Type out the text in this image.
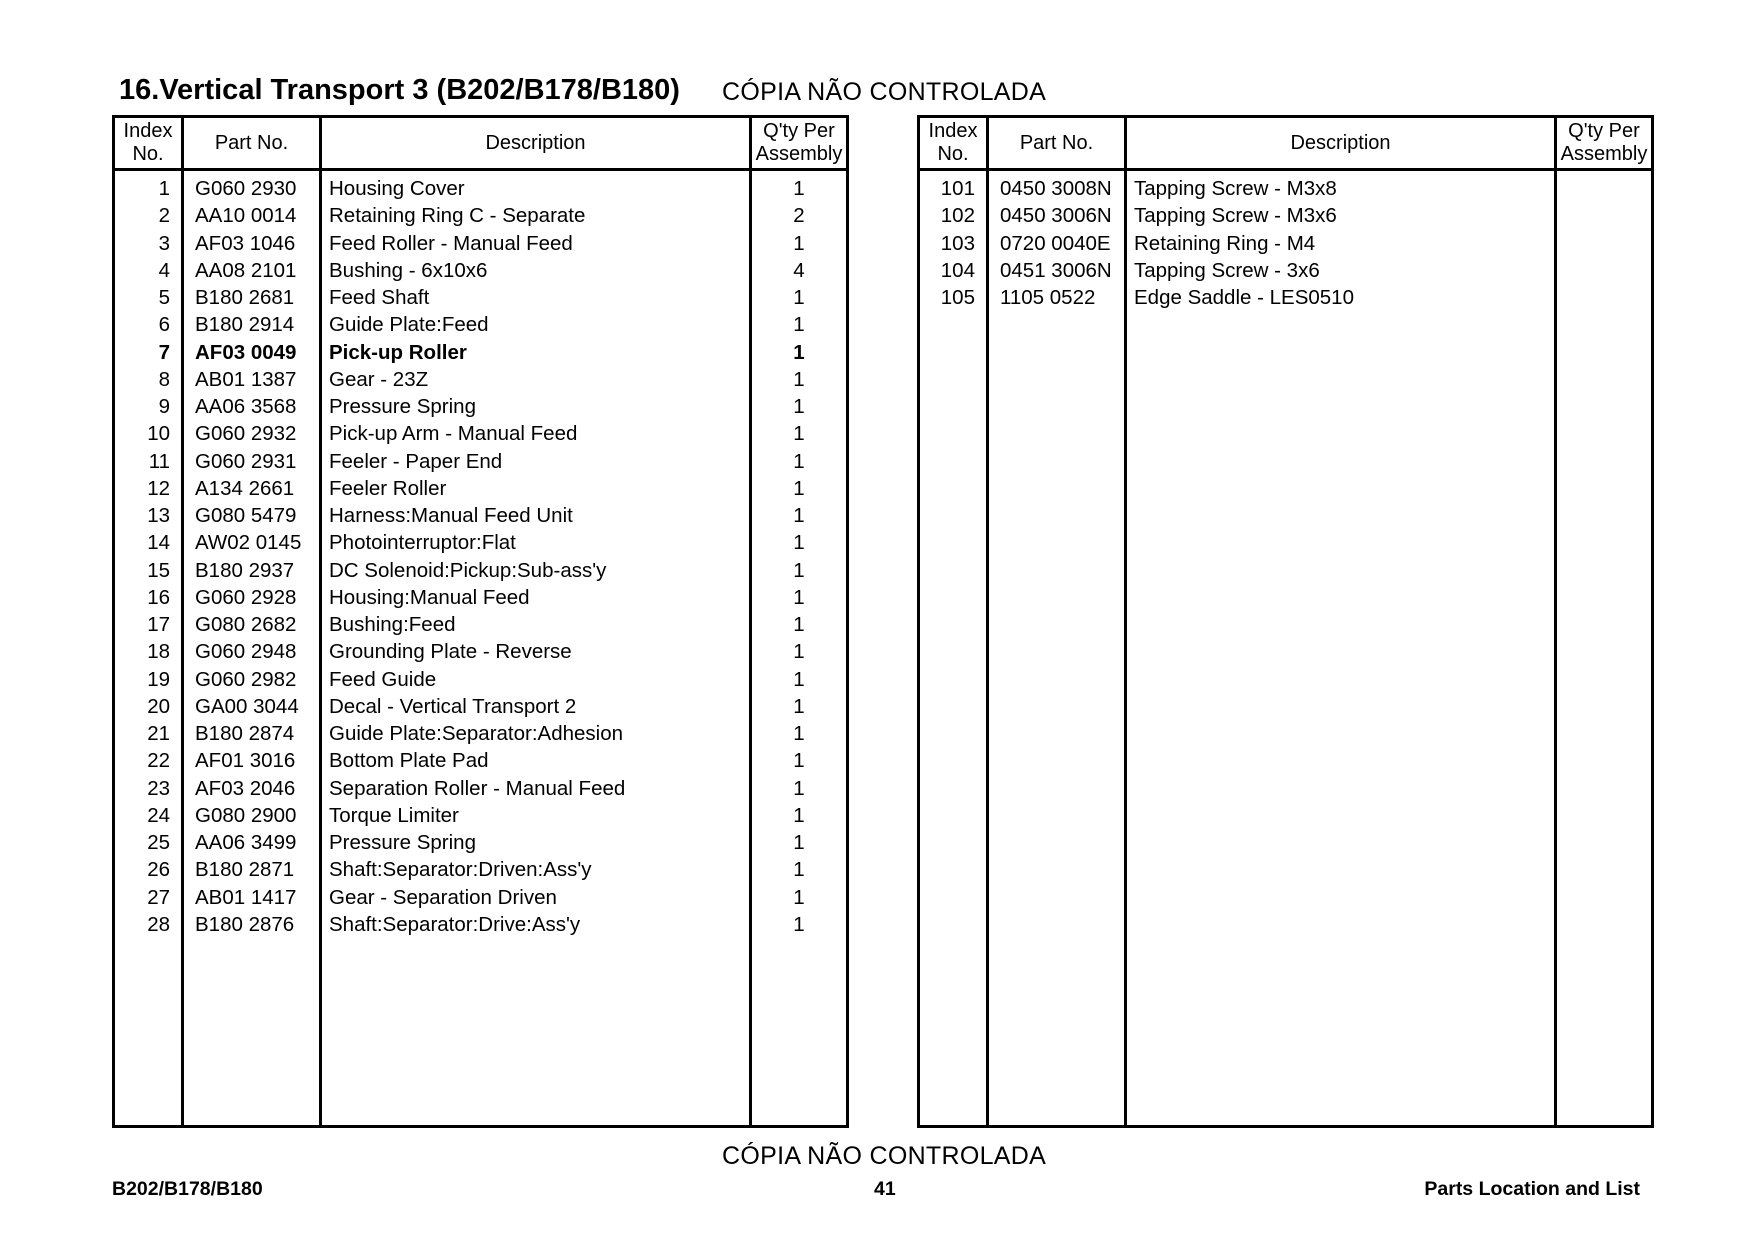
16.Vertical Transport 3 (B202/B178/B180) CÓPIA NÃO CONTROLADA
Index
No.
Part No.	Description
Q'ty Per
Assembly
1 G060 2930	Housing Cover	1
2 AA10 0014	Retaining Ring C - Separate	2
3 AF03 1046	Feed Roller - Manual Feed	1
4 AA08 2101	Bushing - 6x10x6	4
5 B180 2681	Feed Shaft	1
6 B180 2914	Guide Plate:Feed	1
7 AF03 0049	Pick-up Roller	1
8 AB01 1387	Gear - 23Z	1
9 AA06 3568	Pressure Spring	1
10 G060 2932	Pick-up Arm - Manual Feed	1
11 G060 2931	Feeler - Paper End	1
12 A134 2661	Feeler Roller	1
13 G080 5479	Harness:Manual Feed Unit	1
14 AW02 0145	Photointerruptor:Flat	1
15 B180 2937	DC Solenoid:Pickup:Sub-ass'y	1
16 G060 2928	Housing:Manual Feed	1
17 G080 2682	Bushing:Feed	1
18 G060 2948	Grounding Plate - Reverse	1
19 G060 2982	Feed Guide	1
20 GA00 3044	Decal - Vertical Transport 2	1
21 B180 2874	Guide Plate:Separator:Adhesion	1
22 AF01 3016	Bottom Plate Pad	1
23 AF03 2046	Separation Roller - Manual Feed	1
24 G080 2900	Torque Limiter	1
25 AA06 3499	Pressure Spring	1
26 B180 2871	Shaft:Separator:Driven:Ass'y	1
27 AB01 1417	Gear - Separation Driven	1
28 B180 2876	Shaft:Separator:Drive:Ass'y	1
Index
No.
Part No.	Description
Q'ty Per
Assembly
101 0450 3008N	Tapping Screw - M3x8
102 0450 3006N	Tapping Screw - M3x6
103 0720 0040E	Retaining Ring - M4
104 0451 3006N	Tapping Screw - 3x6
105 1105 0522	Edge Saddle - LES0510
CÓPIA NÃO CONTROLADA
B202/B178/B180	41	Parts Location and List
